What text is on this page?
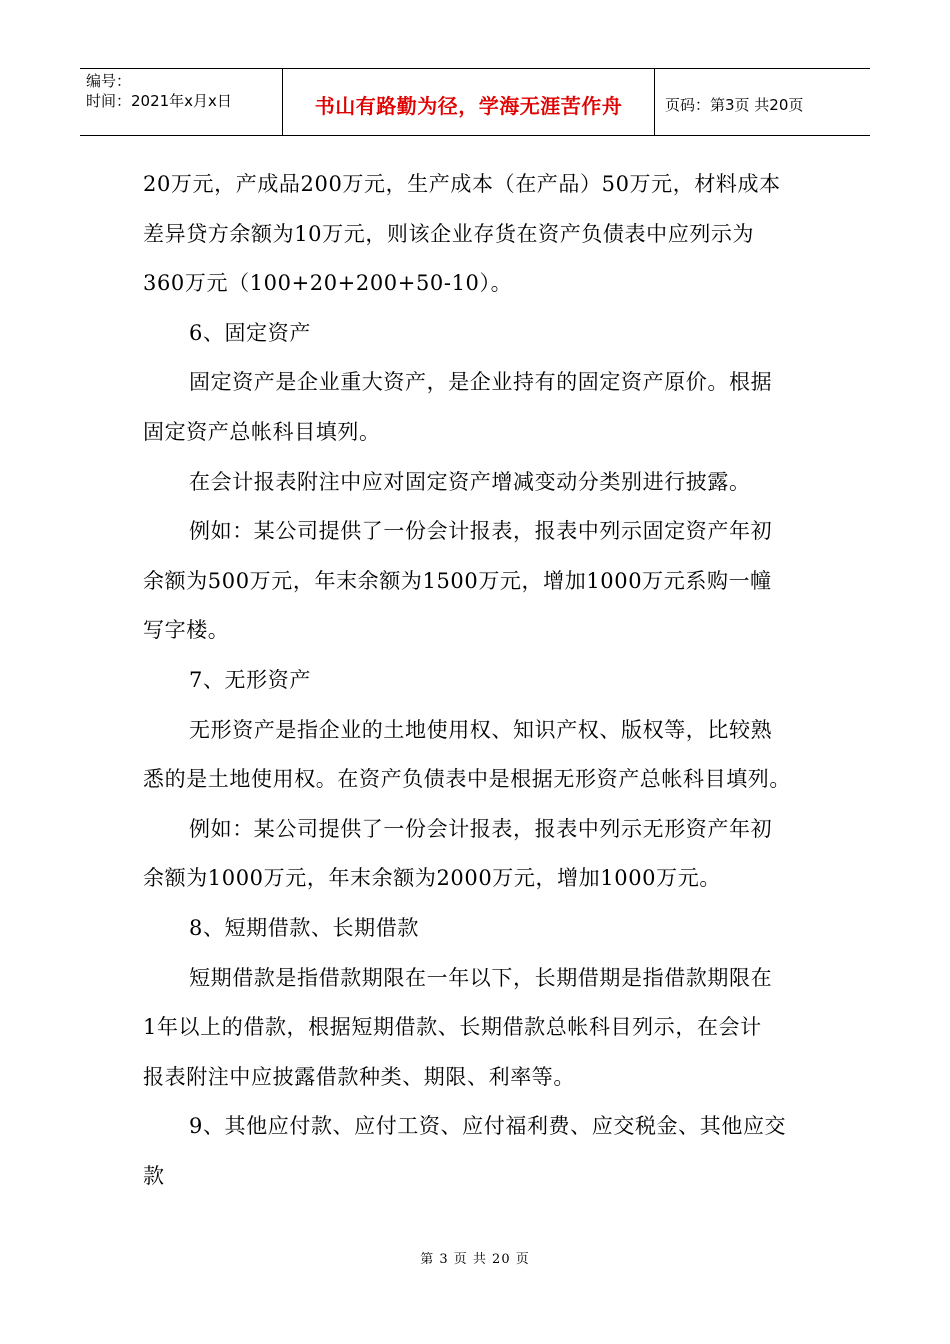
编号：
时间：2021年x月x日	书山有路勤为径，学海无涯苦作舟	页码：第3页 共20页

20万元，产成品200万元，生产成本（在产品）50万元，材料成本

差异贷方余额为10万元，则该企业存货在资产负债表中应列示为

360万元（100+20+200+50-10）。

6、固定资产

固定资产是企业重大资产，是企业持有的固定资产原价。根据

固定资产总帐科目填列。

在会计报表附注中应对固定资产增减变动分类别进行披露。

例如：某公司提供了一份会计报表，报表中列示固定资产年初

余额为500万元，年末余额为1500万元，增加1000万元系购一幢

写字楼。

7、无形资产

无形资产是指企业的土地使用权、知识产权、版权等，比较熟

悉的是土地使用权。在资产负债表中是根据无形资产总帐科目填列。

例如：某公司提供了一份会计报表，报表中列示无形资产年初

余额为1000万元，年末余额为2000万元，增加1000万元。

8、短期借款、长期借款

短期借款是指借款期限在一年以下，长期借期是指借款期限在

1年以上的借款，根据短期借款、长期借款总帐科目列示，在会计

报表附注中应披露借款种类、期限、利率等。

9、其他应付款、应付工资、应付福利费、应交税金、其他应交

款

第 3 页 共 20 页
